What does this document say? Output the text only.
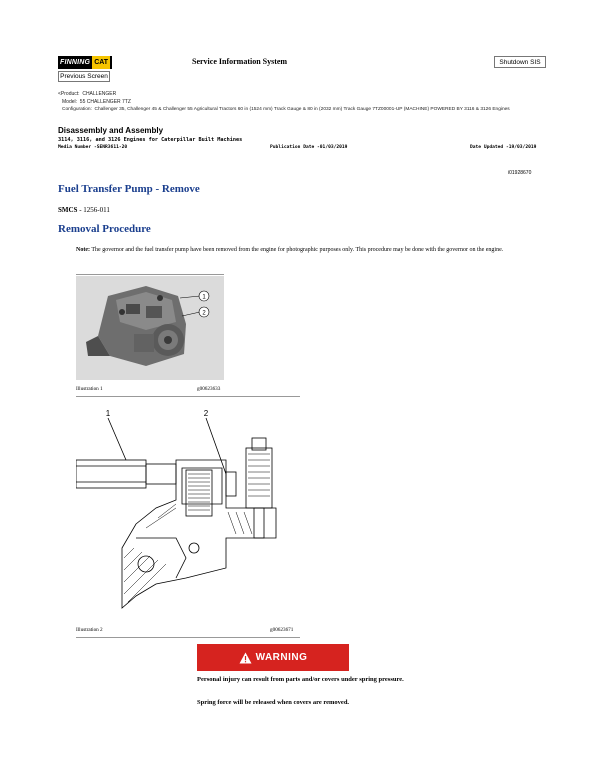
FINNING CAT	Service Information System	Shutdown SIS
Previous Screen
<Product: CHALLENGER
Model: 55 CHALLENGER 7TZ
Configuration: Challenger 35, Challenger 45 & Challenger 55 Agricultural Tractors 60 in (1524 mm) Track Gauge & 80 in (2032 mm) Track Gauge 7TZ00001-UP (MACHINE) POWERED BY 3116 & 3126 Engines
Disassembly and Assembly
3114, 3116, and 3126 Engines for Caterpillar Built Machines
Media Number -SENR3611-20	Publication Date -01/03/2019	Date Updated -19/03/2019
i01928670
Fuel Transfer Pump - Remove
SMCS - 1256-011
Removal Procedure
Note: The governor and the fuel transfer pump have been removed from the engine for photographic purposes only. This procedure may be done with the governor on the engine.
1
2
Illustration 1	g00623633
1	2
Illustration 2	g00623671
WARNING
Personal injury can result from parts and/or covers under spring pressure.
Spring force will be released when covers are removed.
